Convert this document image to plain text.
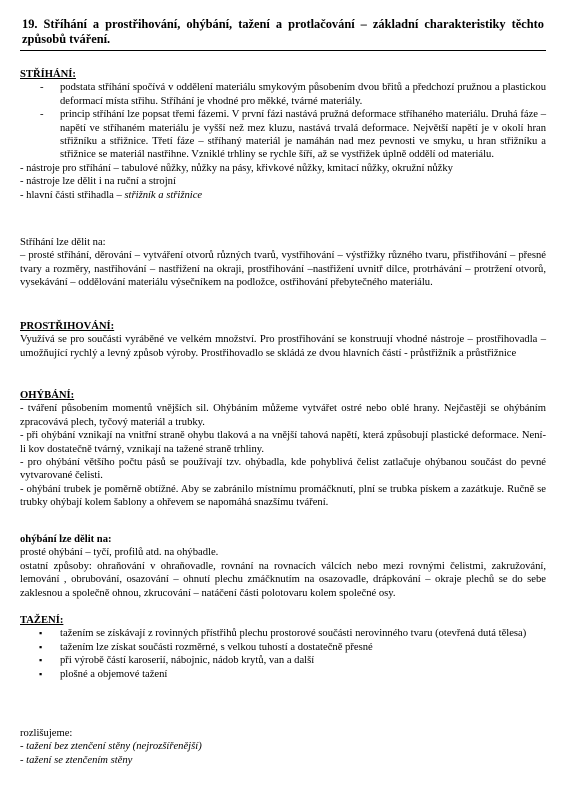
19. Stříhání a prostřihování, ohýbání, tažení a protlačování – základní charakteristiky těchto způsobů tváření.
STŘÍHÁNÍ:
- podstata stříhání spočívá v oddělení materiálu smykovým působením dvou břitů a předchozí pružnou a plastickou deformací místa střihu. Stříhání je vhodné pro měkké, tvárné materiály.
- princip stříhání lze popsat třemi fázemi. V první fázi nastává pružná deformace stříhaného materiálu. Druhá fáze – napětí ve stříhaném materiálu je vyšší než mez kluzu, nastává trvalá deformace. Největší napětí je v okolí hran střižníku a střižnice. Třetí fáze – stříhaný materiál je namáhán nad mez pevnosti ve smyku, u hran střižníku a střižnice se materiál nastřihne. Vzniklé trhliny se rychle šíří, až se vystřižek úplně oddělí od materiálu.
- nástroje pro stříhání – tabulové nůžky, nůžky na pásy, křivkové nůžky, kmitací nůžky, okružní nůžky
- nástroje lze dělit i na ruční a strojní
- hlavní části střihadla – střižník a střižnice
Stříhání lze dělit na:
– prosté stříhání, děrování – vytváření otvorů různých tvarů, vystřihování – výstřižky různého tvaru, přistřihování – přesné tvary a rozměry, nastřihování – nastřižení na okraji, prostřihování –nastřižení uvnitř dílce, protrhávání – protržení otvorů, vysekávání – oddělování materiálu výsečníkem na podložce, ostřihování přebytečného materiálu.
PROSTŘIHOVÁNÍ:
Využívá se pro součásti vyráběné ve velkém množství. Pro prostřihování se konstruují vhodné nástroje – prostřihovadla – umožňující rychlý a levný způsob výroby. Prostřihovadlo se skládá ze dvou hlavních částí - průstřižník a průstřižnice
OHÝBÁNÍ:
- tváření působením momentů vnějších sil. Ohýbáním můžeme vytvářet ostré nebo oblé hrany. Nejčastěji se ohýbáním zpracovává plech, tyčový materiál a trubky.
- při ohýbání vznikají na vnitřní straně ohybu tlaková a na vnější tahová napětí, která způsobují plastické deformace. Není-li kov dostatečně tvárný, vznikají na tažené straně trhliny.
- pro ohýbání většího počtu pásů se používají tzv. ohýbadla, kde pohyblivá čelist zatlačuje ohýbanou součást do pevné vytvarované čelisti.
- ohýbání trubek je poměrně obtížné. Aby se zabránilo místnímu promáčknutí, plní se trubka pískem a zazátkuje. Ručně se trubky ohýbají kolem šablony a ohřevem se napomáhá snazšímu tváření.
ohýbání lze dělit na:
prosté ohýbání – tyčí, profilů atd. na ohýbadle.
ostatní způsoby: ohraňování v ohraňovadle, rovnání na rovnacích válcích nebo mezi rovnými čelistmi, zakružování, lemování , obrubování, osazování – ohnutí plechu zmáčknutím na osazovadle, drápkování – okraje plechů se do sebe zaklesnou a společně ohnou, zkrucování – natáčení části polotovaru kolem společné osy.
TAŽENÍ:
▪ tažením se získávají z rovinných přístřihů plechu prostorové součásti nerovinného tvaru (otevřená dutá tělesa)
▪ tažením lze získat součásti rozměrné, s velkou tuhostí a dostatečně přesné
▪ při výrobě částí karoserií, nábojnic, nádob krytů, van a další
▪ plošné a objemové tažení
rozlišujeme:
- tažení bez ztenčení stěny (nejrozšířenější)
- tažení se ztenčením stěny
